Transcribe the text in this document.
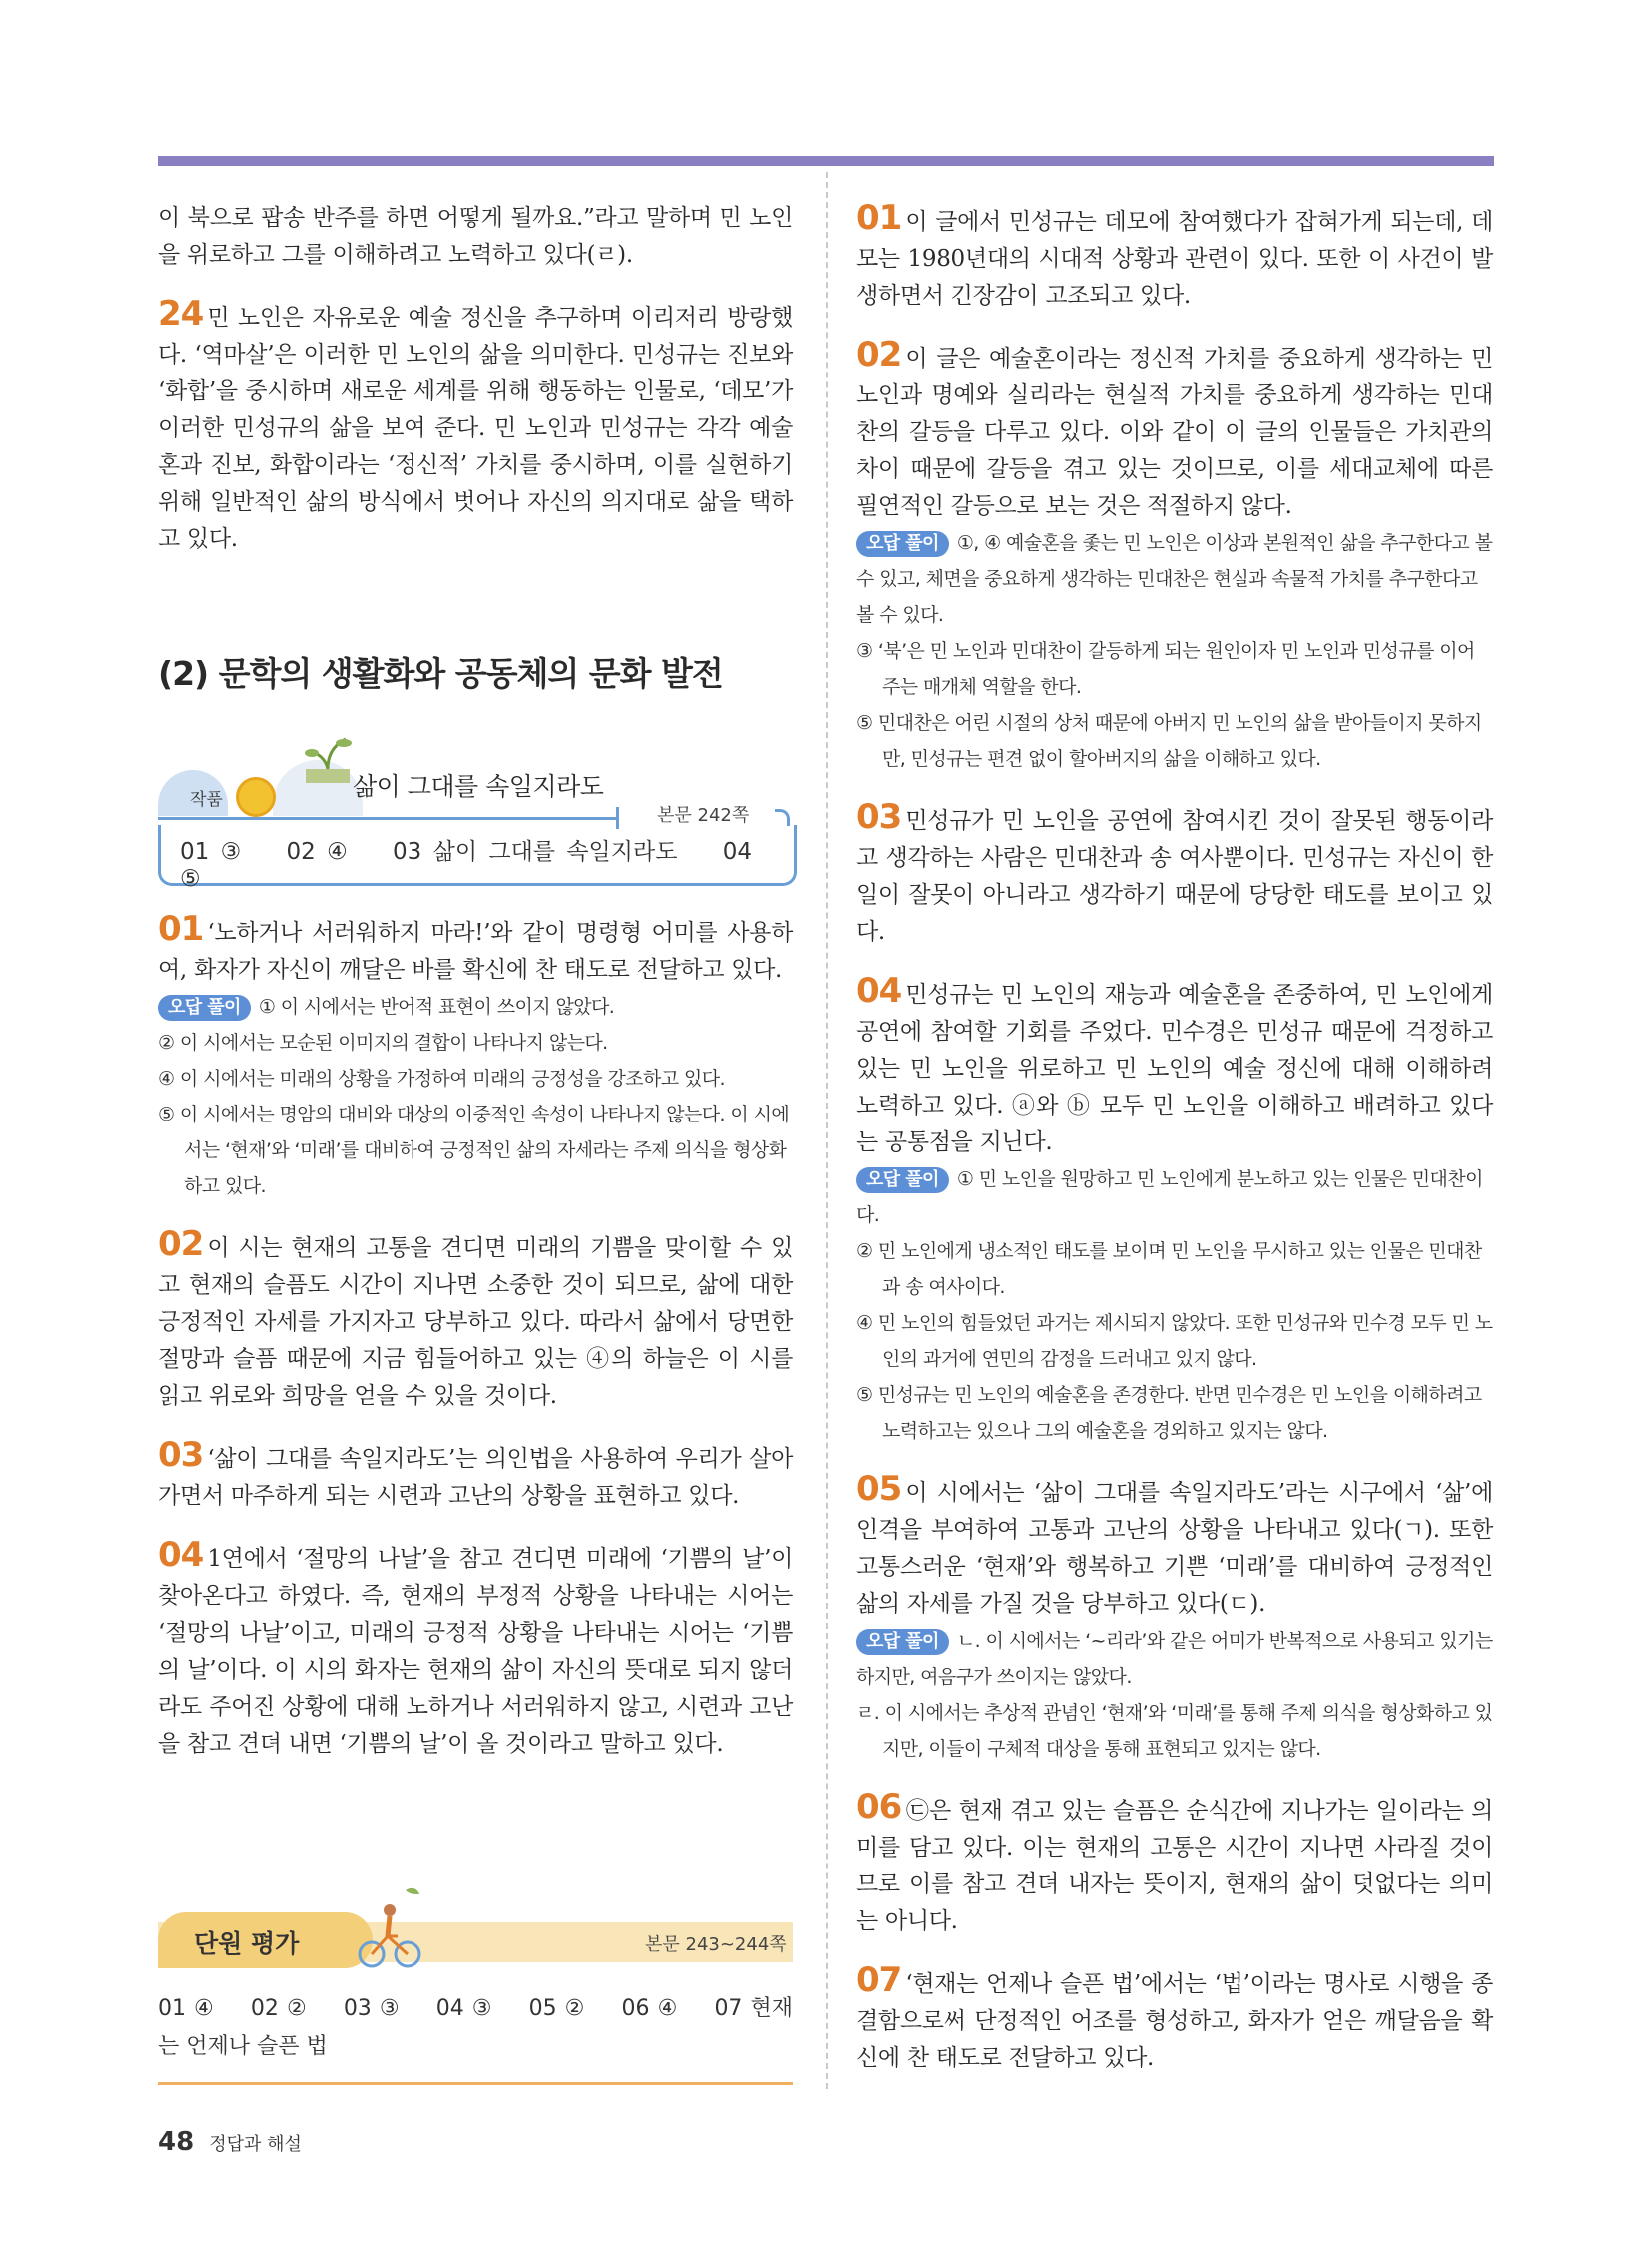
이 북으로 팝송 반주를 하면 어떻게 될까요.”라고 말하며 민 노인을 위로하고 그를 이해하려고 노력하고 있다(ㄹ).

24 민 노인은 자유로운 예술 정신을 추구하며 이리저리 방랑했다. ‘역마살’은 이러한 민 노인의 삶을 의미한다. 민성규는 진보와 ‘화합’을 중시하며 새로운 세계를 위해 행동하는 인물로, ‘데모’가 이러한 민성규의 삶을 보여 준다. 민 노인과 민성규는 각각 예술혼과 진보, 화합이라는 ‘정신적’ 가치를 중시하며, 이를 실현하기 위해 일반적인 삶의 방식에서 벗어나 자신의 의지대로 삶을 택하고 있다.

(2) 문학의 생활화와 공동체의 문화 발전
작품	삶이 그대를 속일지라도
본문 242쪽
01 ③ 02 ④ 03 삶이 그대를 속일지라도 04 ⑤

01 ‘노하거나 서러워하지 마라!’와 같이 명령형 어미를 사용하여, 화자가 자신이 깨달은 바를 확신에 찬 태도로 전달하고 있다.

오답 풀이 ① 이 시에서는 반어적 표현이 쓰이지 않았다.
② 이 시에서는 모순된 이미지의 결합이 나타나지 않는다.
④ 이 시에서는 미래의 상황을 가정하여 미래의 긍정성을 강조하고 있다.
⑤ 이 시에서는 명암의 대비와 대상의 이중적인 속성이 나타나지 않는다. 이 시에서는 ‘현재’와 ‘미래’를 대비하여 긍정적인 삶의 자세라는 주제 의식을 형상화하고 있다.

02 이 시는 현재의 고통을 견디면 미래의 기쁨을 맞이할 수 있고 현재의 슬픔도 시간이 지나면 소중한 것이 되므로, 삶에 대한 긍정적인 자세를 가지자고 당부하고 있다. 따라서 삶에서 당면한 절망과 슬픔 때문에 지금 힘들어하고 있는 ④의 하늘은 이 시를 읽고 위로와 희망을 얻을 수 있을 것이다.

03 ‘삶이 그대를 속일지라도’는 의인법을 사용하여 우리가 살아가면서 마주하게 되는 시련과 고난의 상황을 표현하고 있다.

04 1연에서 ‘절망의 나날’을 참고 견디면 미래에 ‘기쁨의 날’이 찾아온다고 하였다. 즉, 현재의 부정적 상황을 나타내는 시어는 ‘절망의 나날’이고, 미래의 긍정적 상황을 나타내는 시어는 ‘기쁨의 날’이다. 이 시의 화자는 현재의 삶이 자신의 뜻대로 되지 않더라도 주어진 상황에 대해 노하거나 서러워하지 않고, 시련과 고난을 참고 견뎌 내면 ‘기쁨의 날’이 올 것이라고 말하고 있다.

단원 평가	본문 243~244쪽
01 ④ 02 ② 03 ③ 04 ③ 05 ② 06 ④ 07 현재는 언제나 슬픈 법

01 이 글에서 민성규는 데모에 참여했다가 잡혀가게 되는데, 데모는 1980년대의 시대적 상황과 관련이 있다. 또한 이 사건이 발생하면서 긴장감이 고조되고 있다.

02 이 글은 예술혼이라는 정신적 가치를 중요하게 생각하는 민 노인과 명예와 실리라는 현실적 가치를 중요하게 생각하는 민대찬의 갈등을 다루고 있다. 이와 같이 이 글의 인물들은 가치관의 차이 때문에 갈등을 겪고 있는 것이므로, 이를 세대교체에 따른 필연적인 갈등으로 보는 것은 적절하지 않다.

오답 풀이 ①, ④ 예술혼을 좇는 민 노인은 이상과 본원적인 삶을 추구한다고 볼 수 있고, 체면을 중요하게 생각하는 민대찬은 현실과 속물적 가치를 추구한다고 볼 수 있다.
③ ‘북’은 민 노인과 민대찬이 갈등하게 되는 원인이자 민 노인과 민성규를 이어 주는 매개체 역할을 한다.
⑤ 민대찬은 어린 시절의 상처 때문에 아버지 민 노인의 삶을 받아들이지 못하지만, 민성규는 편견 없이 할아버지의 삶을 이해하고 있다.

03 민성규가 민 노인을 공연에 참여시킨 것이 잘못된 행동이라고 생각하는 사람은 민대찬과 송 여사뿐이다. 민성규는 자신이 한 일이 잘못이 아니라고 생각하기 때문에 당당한 태도를 보이고 있다.

04 민성규는 민 노인의 재능과 예술혼을 존중하여, 민 노인에게 공연에 참여할 기회를 주었다. 민수경은 민성규 때문에 걱정하고 있는 민 노인을 위로하고 민 노인의 예술 정신에 대해 이해하려 노력하고 있다. ⓐ와 ⓑ 모두 민 노인을 이해하고 배려하고 있다는 공통점을 지닌다.

오답 풀이 ① 민 노인을 원망하고 민 노인에게 분노하고 있는 인물은 민대찬이다.
② 민 노인에게 냉소적인 태도를 보이며 민 노인을 무시하고 있는 인물은 민대찬과 송 여사이다.
④ 민 노인의 힘들었던 과거는 제시되지 않았다. 또한 민성규와 민수경 모두 민 노인의 과거에 연민의 감정을 드러내고 있지 않다.
⑤ 민성규는 민 노인의 예술혼을 존경한다. 반면 민수경은 민 노인을 이해하려고 노력하고는 있으나 그의 예술혼을 경외하고 있지는 않다.

05 이 시에서는 ‘삶이 그대를 속일지라도’라는 시구에서 ‘삶’에 인격을 부여하여 고통과 고난의 상황을 나타내고 있다(ㄱ). 또한 고통스러운 ‘현재’와 행복하고 기쁜 ‘미래’를 대비하여 긍정적인 삶의 자세를 가질 것을 당부하고 있다(ㄷ).

오답 풀이 ㄴ. 이 시에서는 ‘~리라’와 같은 어미가 반복적으로 사용되고 있기는 하지만, 여음구가 쓰이지는 않았다.
ㄹ. 이 시에서는 추상적 관념인 ‘현재’와 ‘미래’를 통해 주제 의식을 형상화하고 있지만, 이들이 구체적 대상을 통해 표현되고 있지는 않다.

06 ㉢은 현재 겪고 있는 슬픔은 순식간에 지나가는 일이라는 의미를 담고 있다. 이는 현재의 고통은 시간이 지나면 사라질 것이므로 이를 참고 견뎌 내자는 뜻이지, 현재의 삶이 덧없다는 의미는 아니다.

07 ‘현재는 언제나 슬픈 법’에서는 ‘법’이라는 명사로 시행을 종결함으로써 단정적인 어조를 형성하고, 화자가 얻은 깨달음을 확신에 찬 태도로 전달하고 있다.

48 정답과 해설
